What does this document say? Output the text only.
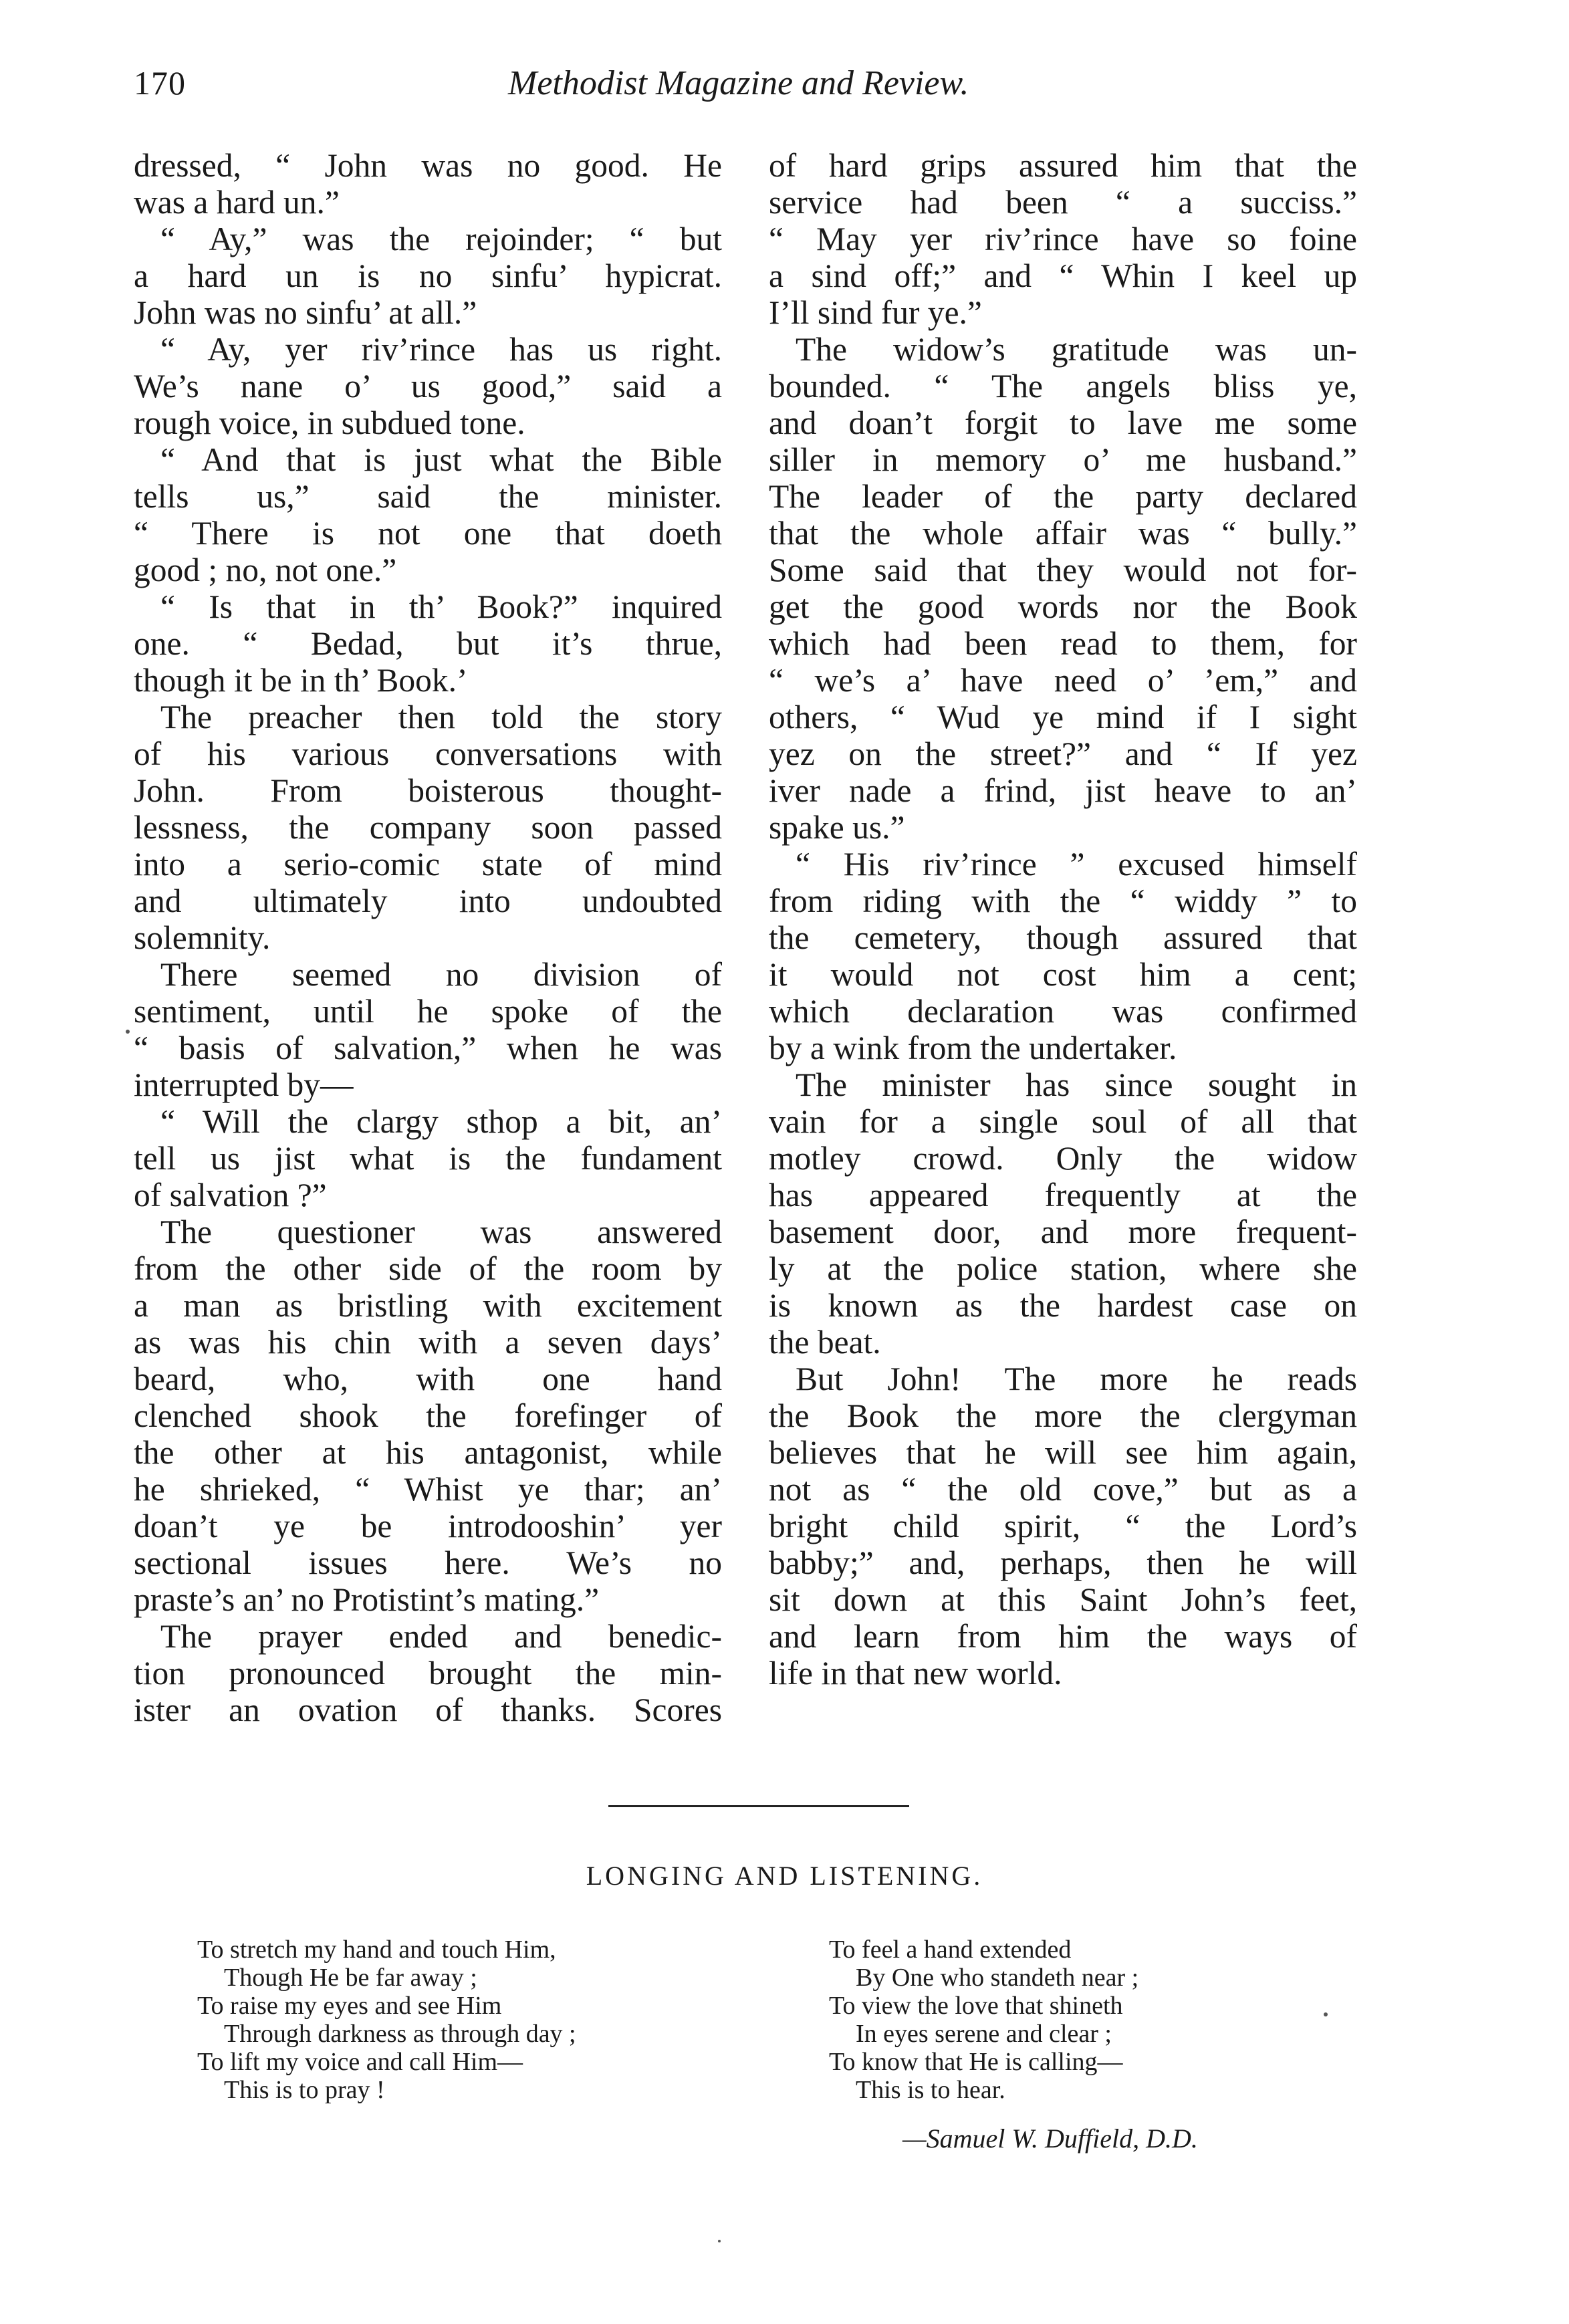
170	Methodist Magazine and Review.
dressed, “ John was no good. He
was a hard un.”
“ Ay,” was the rejoinder; “ but
a hard un is no sinfu’ hypicrat.
John was no sinfu’ at all.”
“ Ay, yer riv’rince has us right.
We’s nane o’ us good,” said a
rough voice, in subdued tone.
“ And that is just what the Bible
tells us,” said the minister.
“ There is not one that doeth
good ; no, not one.”
“ Is that in th’ Book?” inquired
one. “ Bedad, but it’s thrue,
though it be in th’ Book.’
The preacher then told the story
of his various conversations with
John. From boisterous thought-
lessness, the company soon passed
into a serio-comic state of mind
and ultimately into undoubted
solemnity.
There seemed no division of
sentiment, until he spoke of the
“ basis of salvation,” when he was
interrupted by—
“ Will the clargy sthop a bit, an’
tell us jist what is the fundament
of salvation ?”
The questioner was answered
from the other side of the room by
a man as bristling with excitement
as was his chin with a seven days’
beard, who, with one hand
clenched shook the forefinger of
the other at his antagonist, while
he shrieked, “ Whist ye thar; an’
doan’t ye be introdooshin’ yer
sectional issues here. We’s no
praste’s an’ no Protistint’s mating.”
The prayer ended and benedic-
tion pronounced brought the min-
ister an ovation of thanks. Scores
of hard grips assured him that the
service had been “ a succiss.”
“ May yer riv’rince have so foine
a sind off;” and “ Whin I keel up
I’ll sind fur ye.”
The widow’s gratitude was un-
bounded. “ The angels bliss ye,
and doan’t forgit to lave me some
siller in memory o’ me husband.”
The leader of the party declared
that the whole affair was “ bully.”
Some said that they would not for-
get the good words nor the Book
which had been read to them, for
“ we’s a’ have need o’ ’em,” and
others, “ Wud ye mind if I sight
yez on the street?” and “ If yez
iver nade a frind, jist heave to an’
spake us.”
“ His riv’rince ” excused himself
from riding with the “ widdy ” to
the cemetery, though assured that
it would not cost him a cent;
which declaration was confirmed
by a wink from the undertaker.
The minister has since sought in
vain for a single soul of all that
motley crowd. Only the widow
has appeared frequently at the
basement door, and more frequent-
ly at the police station, where she
is known as the hardest case on
the beat.
But John! The more he reads
the Book the more the clergyman
believes that he will see him again,
not as “ the old cove,” but as a
bright child spirit, “ the Lord’s
babby;” and, perhaps, then he will
sit down at this Saint John’s feet,
and learn from him the ways of
life in that new world.
LONGING AND LISTENING.
To stretch my hand and touch Him,
Though He be far away ;
To raise my eyes and see Him
Through darkness as through day ;
To lift my voice and call Him—
This is to pray !
To feel a hand extended
By One who standeth near ;
To view the love that shineth
In eyes serene and clear ;
To know that He is calling—
This is to hear.
—Samuel W. Duffield, D.D.
